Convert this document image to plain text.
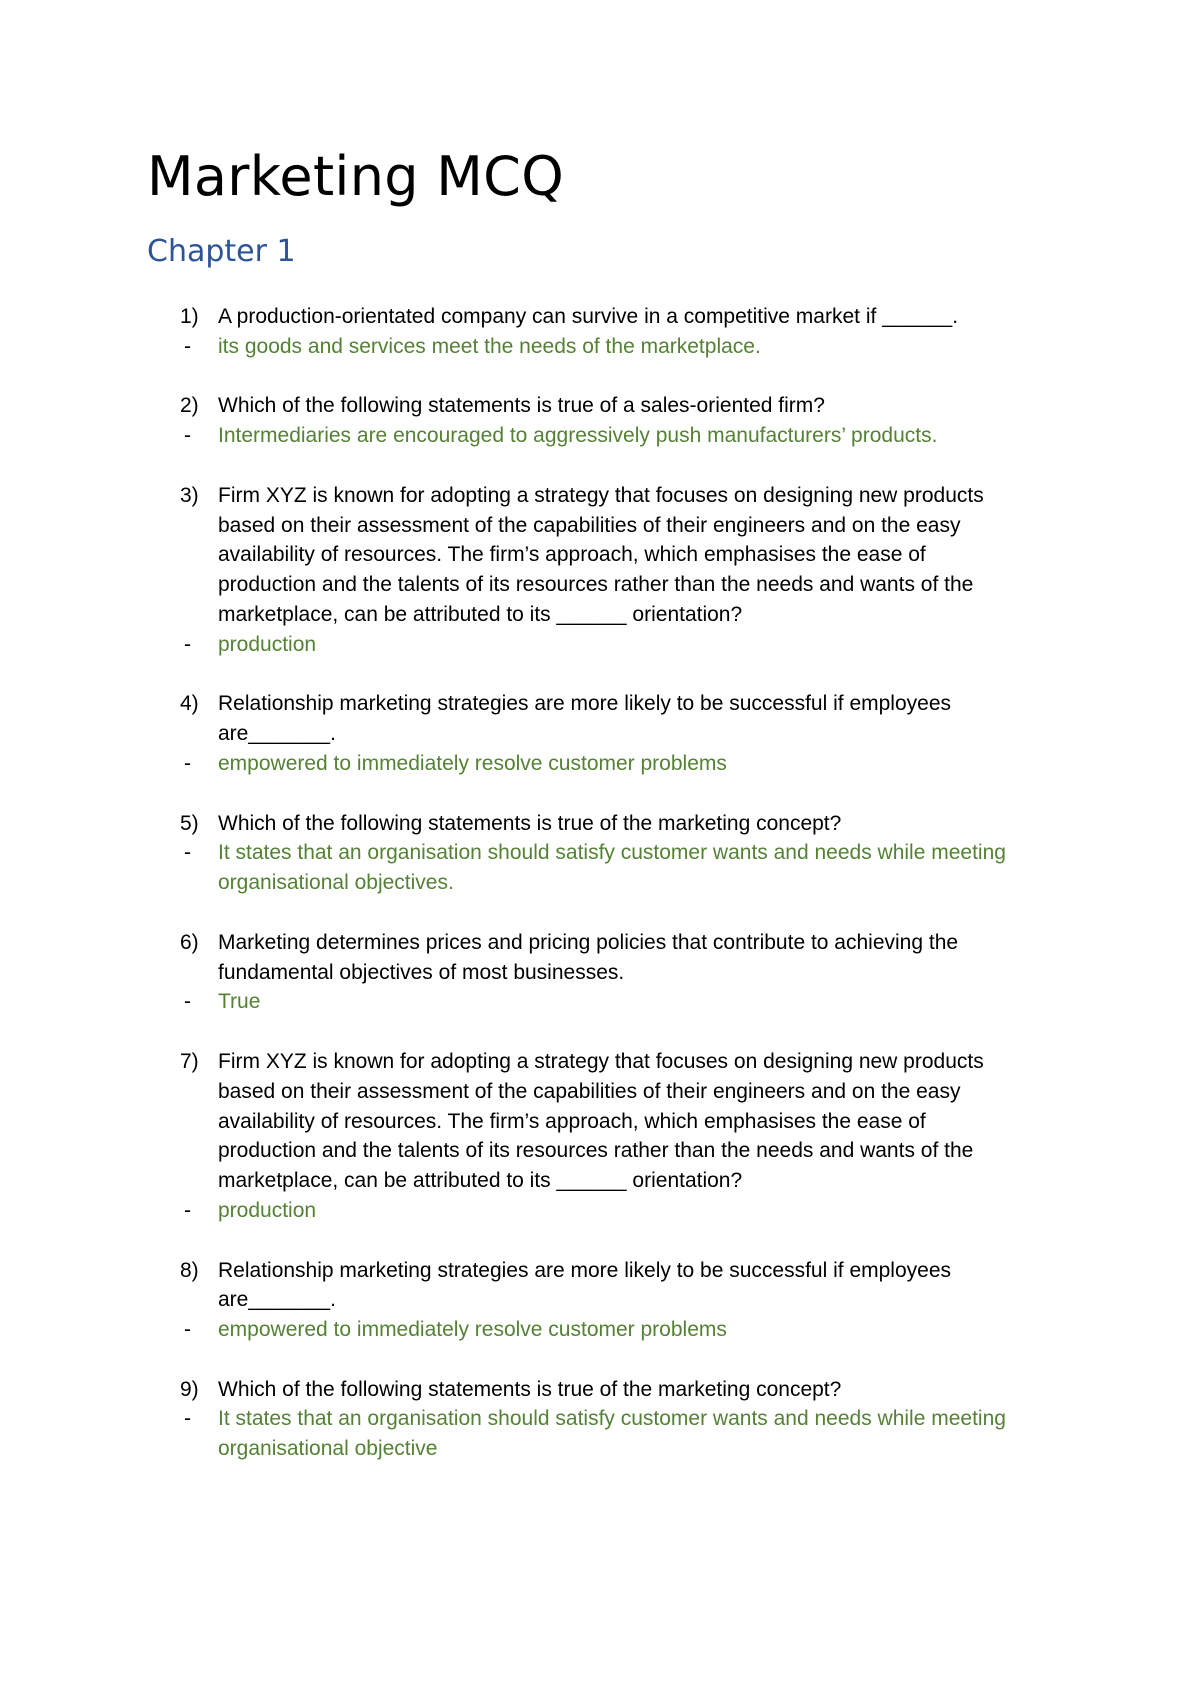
Marketing MCQ
Chapter 1
1) A production-orientated company can survive in a competitive market if ______.
-	its goods and services meet the needs of the marketplace.
2) Which of the following statements is true of a sales-oriented firm?
-	Intermediaries are encouraged to aggressively push manufacturers’ products.
3) Firm XYZ is known for adopting a strategy that focuses on designing new products
based on their assessment of the capabilities of their engineers and on the easy
availability of resources. The firm’s approach, which emphasises the ease of
production and the talents of its resources rather than the needs and wants of the
marketplace, can be attributed to its ______ orientation?
-	production
4) Relationship marketing strategies are more likely to be successful if employees
are_______.
-	empowered to immediately resolve customer problems
5) Which of the following statements is true of the marketing concept?
-	It states that an organisation should satisfy customer wants and needs while meeting
organisational objectives.
6) Marketing determines prices and pricing policies that contribute to achieving the
fundamental objectives of most businesses.
-	True
7) Firm XYZ is known for adopting a strategy that focuses on designing new products
based on their assessment of the capabilities of their engineers and on the easy
availability of resources. The firm’s approach, which emphasises the ease of
production and the talents of its resources rather than the needs and wants of the
marketplace, can be attributed to its ______ orientation?
-	production
8) Relationship marketing strategies are more likely to be successful if employees
are_______.
-	empowered to immediately resolve customer problems
9) Which of the following statements is true of the marketing concept?
-	It states that an organisation should satisfy customer wants and needs while meeting
organisational objective
